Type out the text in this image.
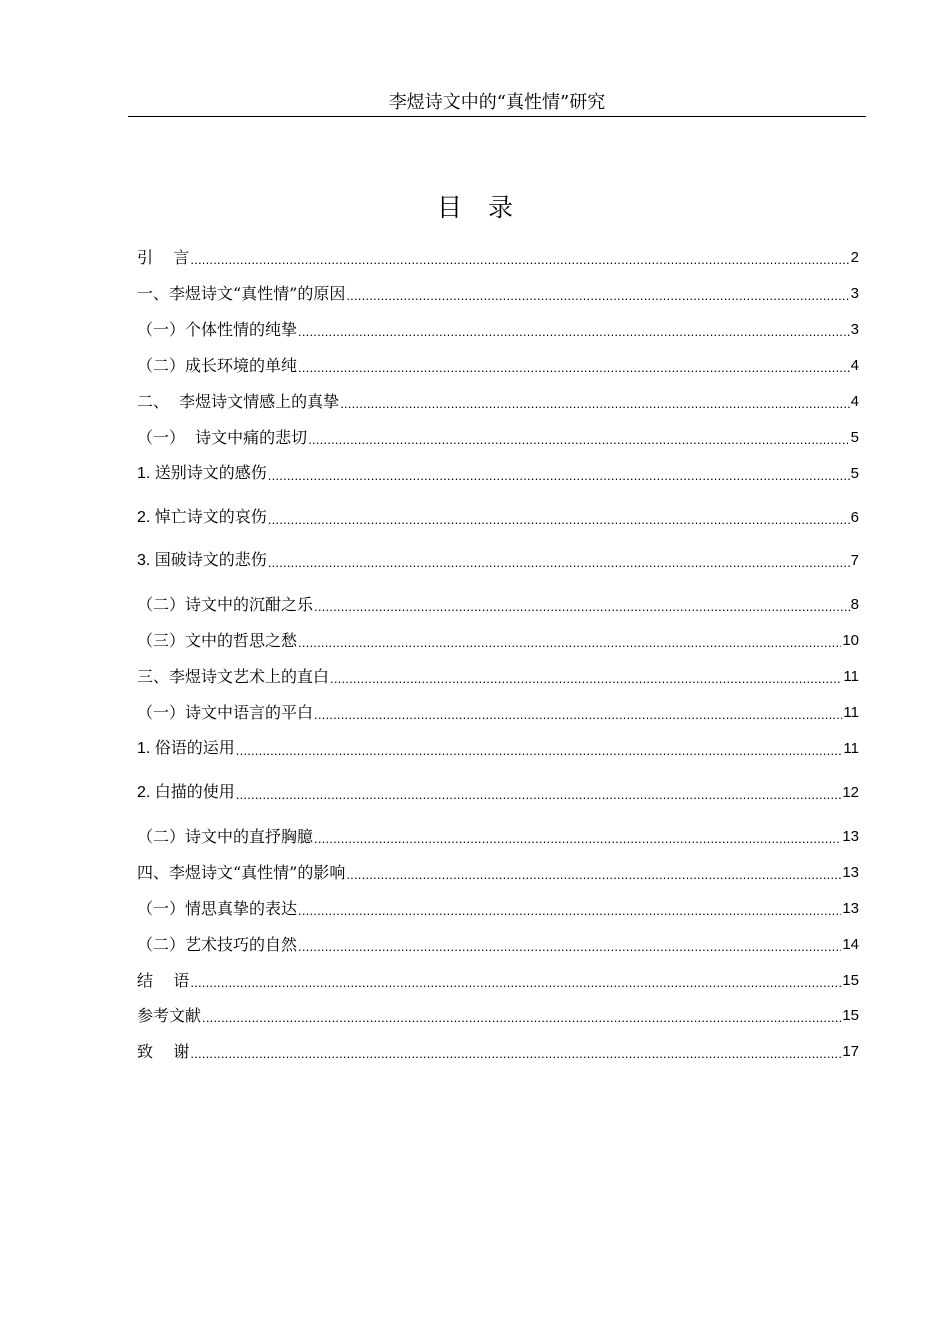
李煜诗文中的“真性情”研究
目录
引    言 .....	2
一、李煜诗文“真性情”的原因 .....	3
（一）个体性情的纯挚 .....	3
（二）成长环境的单纯 .....	4
二、  李煜诗文情感上的真挚 .....	4
（一）  诗文中痛的悲切 .....	5
1. 送别诗文的感伤 .....	5
2. 悼亡诗文的哀伤 .....	6
3. 国破诗文的悲伤 .....	7
（二）诗文中的沉酣之乐 .....	8
（三）文中的哲思之愁 .....	10
三、李煜诗文艺术上的直白 .....	11
（一）诗文中语言的平白 .....	11
1. 俗语的运用 .....	11
2. 白描的使用 .....	12
（二）诗文中的直抒胸臆 .....	13
四、李煜诗文“真性情”的影响 .....	13
（一）情思真挚的表达 .....	13
（二）艺术技巧的自然 .....	14
结    语 .....	15
参考文献 .....	15
致    谢 .....	17
